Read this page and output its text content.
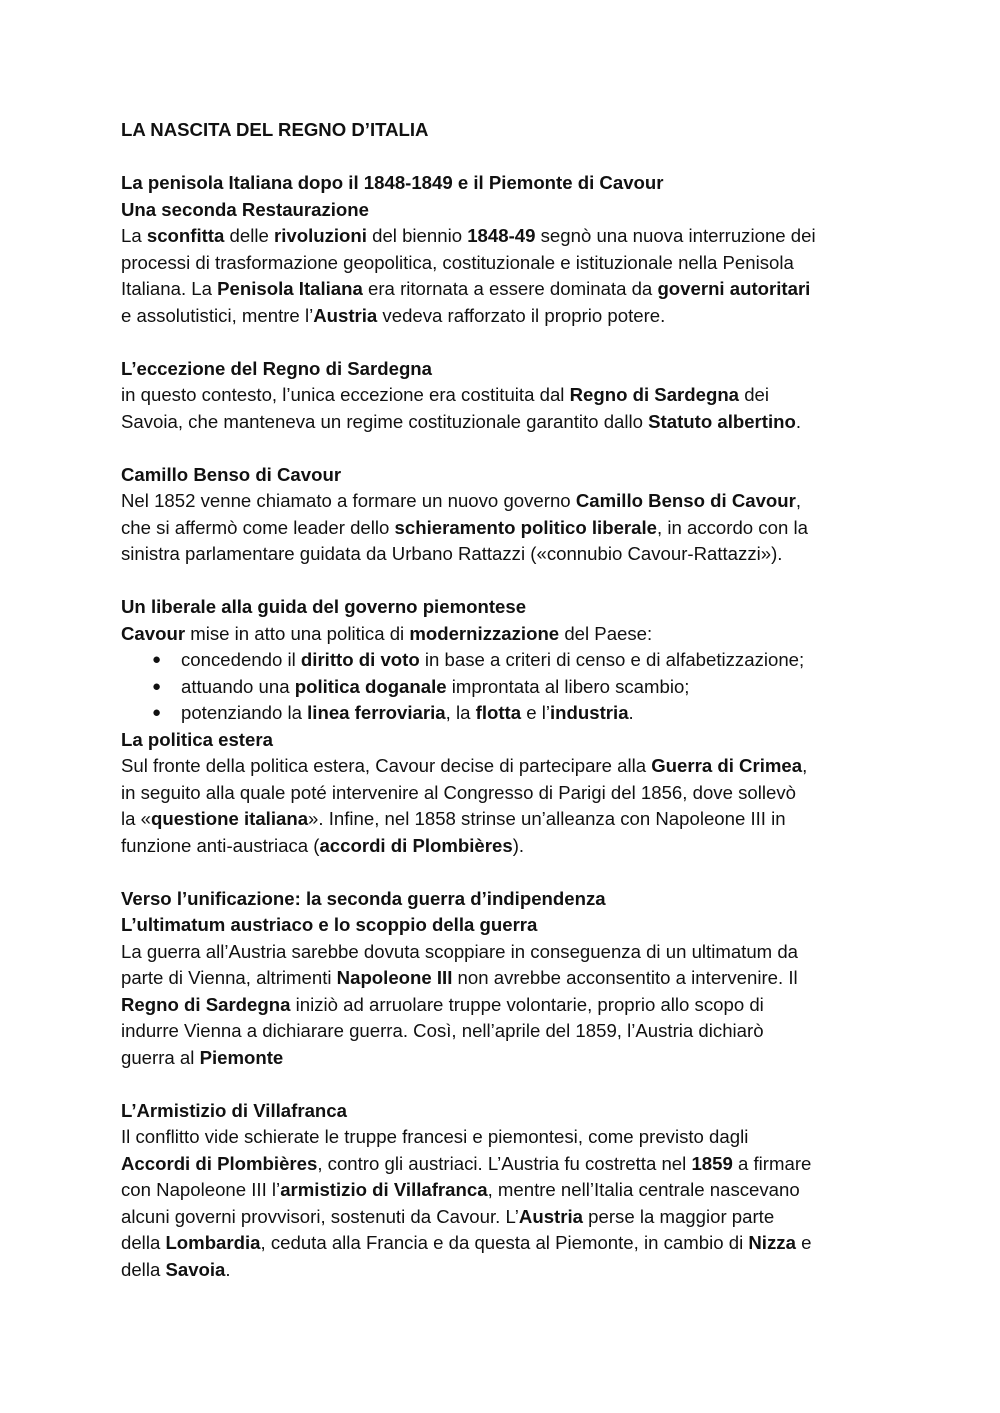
LA NASCITA DEL REGNO D’ITALIA
La penisola Italiana dopo il 1848-1849 e il Piemonte di Cavour
Una seconda Restaurazione
La sconfitta delle rivoluzioni del biennio 1848-49 segnò una nuova interruzione dei
processi di trasformazione geopolitica, costituzionale e istituzionale nella Penisola
Italiana. La Penisola Italiana era ritornata a essere dominata da governi autoritari
e assolutistici, mentre l’Austria vedeva rafforzato il proprio potere.
L’eccezione del Regno di Sardegna
in questo contesto, l’unica eccezione era costituita dal Regno di Sardegna dei
Savoia, che manteneva un regime costituzionale garantito dallo Statuto albertino.
Camillo Benso di Cavour
Nel 1852 venne chiamato a formare un nuovo governo Camillo Benso di Cavour,
che si affermò come leader dello schieramento politico liberale, in accordo con la
sinistra parlamentare guidata da Urbano Rattazzi («connubio Cavour-Rattazzi»).
Un liberale alla guida del governo piemontese
Cavour mise in atto una politica di modernizzazione del Paese:
● concedendo il diritto di voto in base a criteri di censo e di alfabetizzazione;
● attuando una politica doganale improntata al libero scambio;
● potenziando la linea ferroviaria, la flotta e l’industria.
La politica estera
Sul fronte della politica estera, Cavour decise di partecipare alla Guerra di Crimea,
in seguito alla quale poté intervenire al Congresso di Parigi del 1856, dove sollevò
la «questione italiana». Infine, nel 1858 strinse un’alleanza con Napoleone III in
funzione anti-austriaca (accordi di Plombières).
Verso l’unificazione: la seconda guerra d’indipendenza
L’ultimatum austriaco e lo scoppio della guerra
La guerra all’Austria sarebbe dovuta scoppiare in conseguenza di un ultimatum da
parte di Vienna, altrimenti Napoleone III non avrebbe acconsentito a intervenire. Il
Regno di Sardegna iniziò ad arruolare truppe volontarie, proprio allo scopo di
indurre Vienna a dichiarare guerra. Così, nell’aprile del 1859, l’Austria dichiarò
guerra al Piemonte
L’Armistizio di Villafranca
Il conflitto vide schierate le truppe francesi e piemontesi, come previsto dagli
Accordi di Plombières, contro gli austriaci. L’Austria fu costretta nel 1859 a firmare
con Napoleone III l’armistizio di Villafranca, mentre nell’Italia centrale nascevano
alcuni governi provvisori, sostenuti da Cavour. L’Austria perse la maggior parte
della Lombardia, ceduta alla Francia e da questa al Piemonte, in cambio di Nizza e
della Savoia.
